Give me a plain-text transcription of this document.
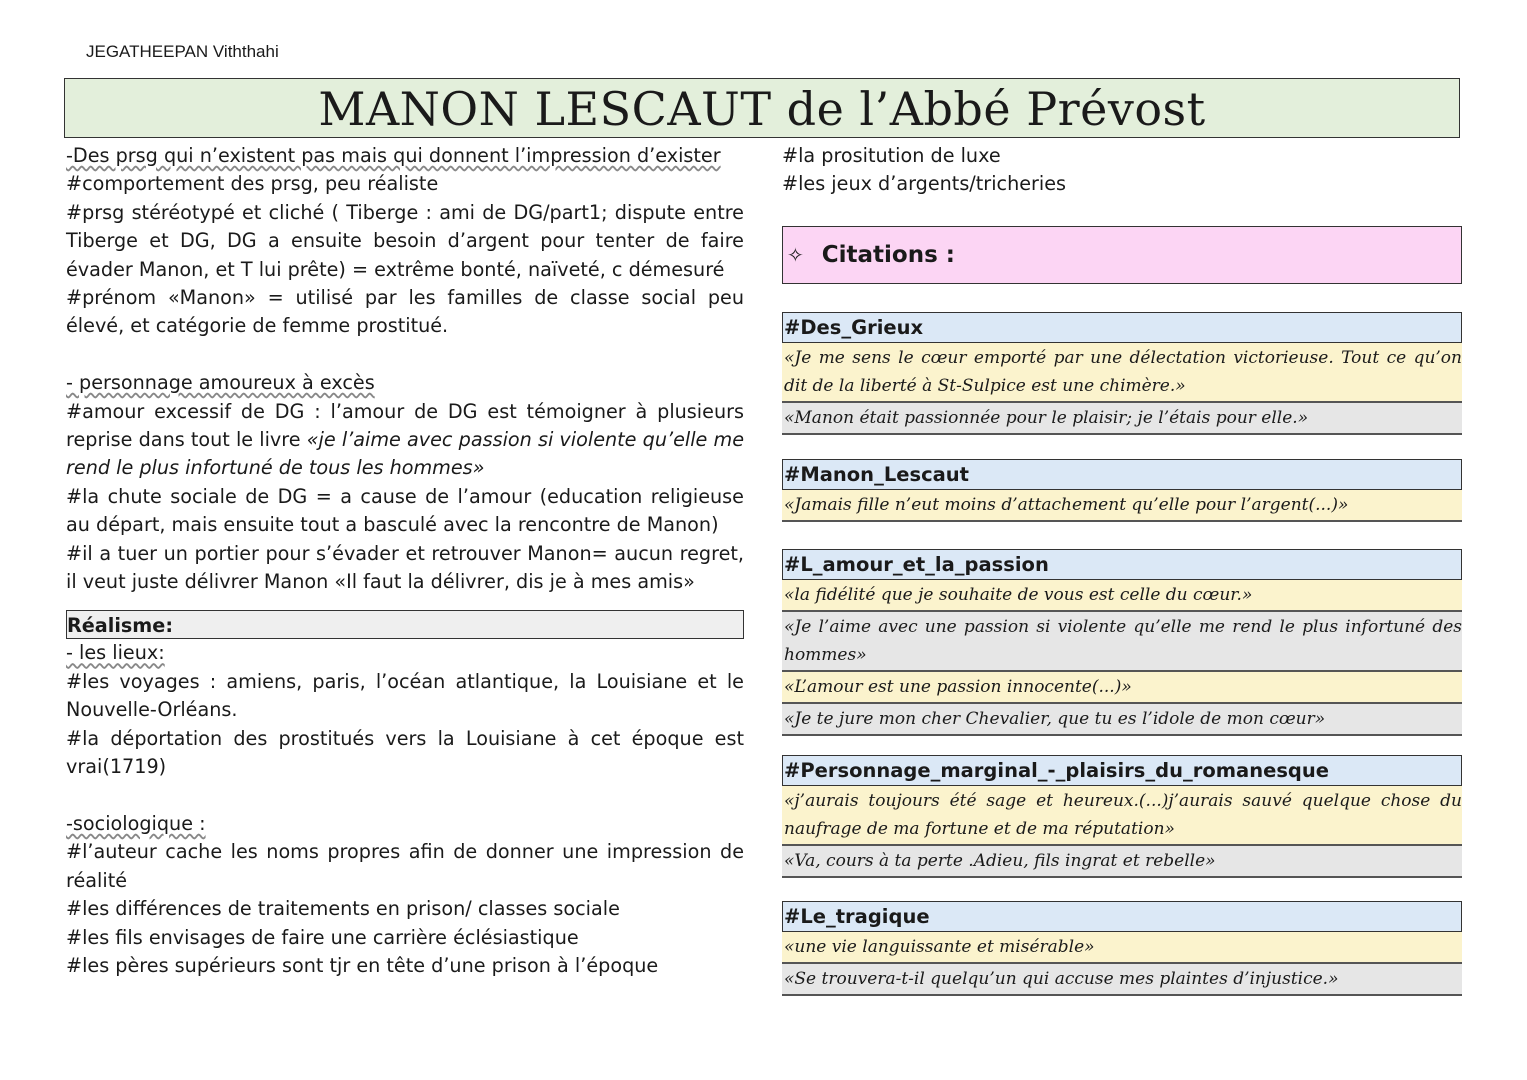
JEGATHEEPAN Viththahi
MANON LESCAUT de l’Abbé Prévost

-Des prsg qui n’existent pas mais qui donnent l’impression d’exister

#comportement des prsg, peu réaliste

#prsg stéréotypé et cliché ( Tiberge : ami de DG/part1; dispute entre Tiberge et DG, DG a ensuite besoin d’argent pour tenter de faire évader Manon, et T lui prête) = extrême bonté, naïveté, c démesuré

#prénom «Manon» = utilisé par les familles de classe social peu élevé, et catégorie de femme prostitué.

- personnage amoureux à excès

#amour excessif de DG : l’amour de DG est témoigner à plusieurs reprise dans tout le livre «je l’aime avec passion si violente qu’elle me rend le plus infortuné de tous les hommes»

#la chute sociale de DG = a cause de l’amour (education religieuse au départ, mais ensuite tout a basculé avec la rencontre de Manon)

#il a tuer un portier pour s’évader et retrouver Manon= aucun regret, il veut juste délivrer Manon «Il faut la délivrer, dis je à mes amis»

Réalisme:

- les lieux:

#les voyages : amiens, paris, l’océan atlantique, la Louisiane et le Nouvelle-Orléans.

#la déportation des prostitués vers la Louisiane à cet époque est vrai(1719)

-sociologique :

#l’auteur cache les noms propres afin de donner une impression de réalité

#les différences de traitements en prison/ classes sociale

#les fils envisages de faire une carrière éclésiastique

#les pères supérieurs sont tjr en tête d’une prison à l’époque

#la prositution de luxe

#les jeux d’argents/tricheries

✧ Citations :
#Des_Grieux
«Je me sens le cœur emporté par une délectation victorieuse. Tout ce qu’on dit de la liberté à St-Sulpice est une chimère.»
«Manon était passionnée pour le plaisir; je l’étais pour elle.»
#Manon_Lescaut
«Jamais fille n’eut moins d’attachement qu’elle pour l’argent(...)»
#L_amour_et_la_passion
«la fidélité que je souhaite de vous est celle du cœur.»
«Je l’aime avec une passion si violente qu’elle me rend le plus infortuné des hommes»
«L’amour est une passion innocente(...)»
«Je te jure mon cher Chevalier, que tu es l’idole de mon cœur»
#Personnage_marginal_-_plaisirs_du_romanesque
«j’aurais toujours été sage et heureux.(...)j’aurais sauvé quelque chose du naufrage de ma fortune et de ma réputation»
«Va, cours à ta perte .Adieu, fils ingrat et rebelle»
#Le_tragique
«une vie languissante et misérable»
«Se trouvera-t-il quelqu’un qui accuse mes plaintes d’injustice.»
